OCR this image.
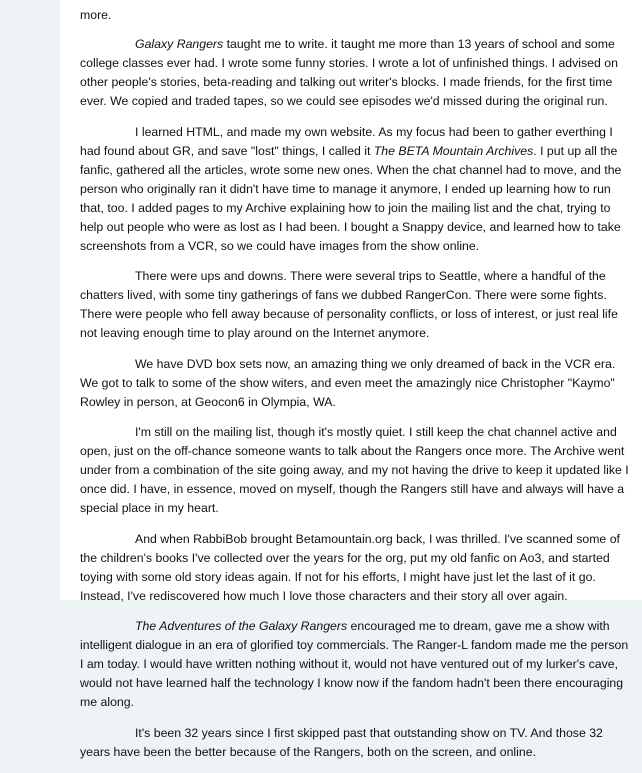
more.

Galaxy Rangers taught me to write. it taught me more than 13 years of school and some college classes ever had. I wrote some funny stories. I wrote a lot of unfinished things. I advised on other people's stories, beta-reading and talking out writer's blocks. I made friends, for the first time ever. We copied and traded tapes, so we could see episodes we'd missed during the original run.

I learned HTML, and made my own website. As my focus had been to gather everthing I had found about GR, and save "lost" things, I called it The BETA Mountain Archives. I put up all the fanfic, gathered all the articles, wrote some new ones. When the chat channel had to move, and the person who originally ran it didn't have time to manage it anymore, I ended up learning how to run that, too. I added pages to my Archive explaining how to join the mailing list and the chat, trying to help out people who were as lost as I had been. I bought a Snappy device, and learned how to take screenshots from a VCR, so we could have images from the show online.

There were ups and downs. There were several trips to Seattle, where a handful of the chatters lived, with some tiny gatherings of fans we dubbed RangerCon. There were some fights. There were people who fell away because of personality conflicts, or loss of interest, or just real life not leaving enough time to play around on the Internet anymore.

We have DVD box sets now, an amazing thing we only dreamed of back in the VCR era. We got to talk to some of the show witers, and even meet the amazingly nice Christopher "Kaymo" Rowley in person, at Geocon6 in Olympia, WA.

I'm still on the mailing list, though it's mostly quiet. I still keep the chat channel active and open, just on the off-chance someone wants to talk about the Rangers once more. The Archive went under from a combination of the site going away, and my not having the drive to keep it updated like I once did. I have, in essence, moved on myself, though the Rangers still have and always will have a special place in my heart.

And when RabbiBob brought Betamountain.org back, I was thrilled. I've scanned some of the children's books I've collected over the years for the org, put my old fanfic on Ao3, and started toying with some old story ideas again. If not for his efforts, I might have just let the last of it go. Instead, I've rediscovered how much I love those characters and their story all over again.

The Adventures of the Galaxy Rangers encouraged me to dream, gave me a show with intelligent dialogue in an era of glorified toy commercials. The Ranger-L fandom made me the person I am today. I would have written nothing without it, would not have ventured out of my lurker's cave, would not have learned half the technology I know now if the fandom hadn't been there encouraging me along.

It's been 32 years since I first skipped past that outstanding show on TV. And those 32 years have been the better because of the Rangers, both on the screen, and online.
